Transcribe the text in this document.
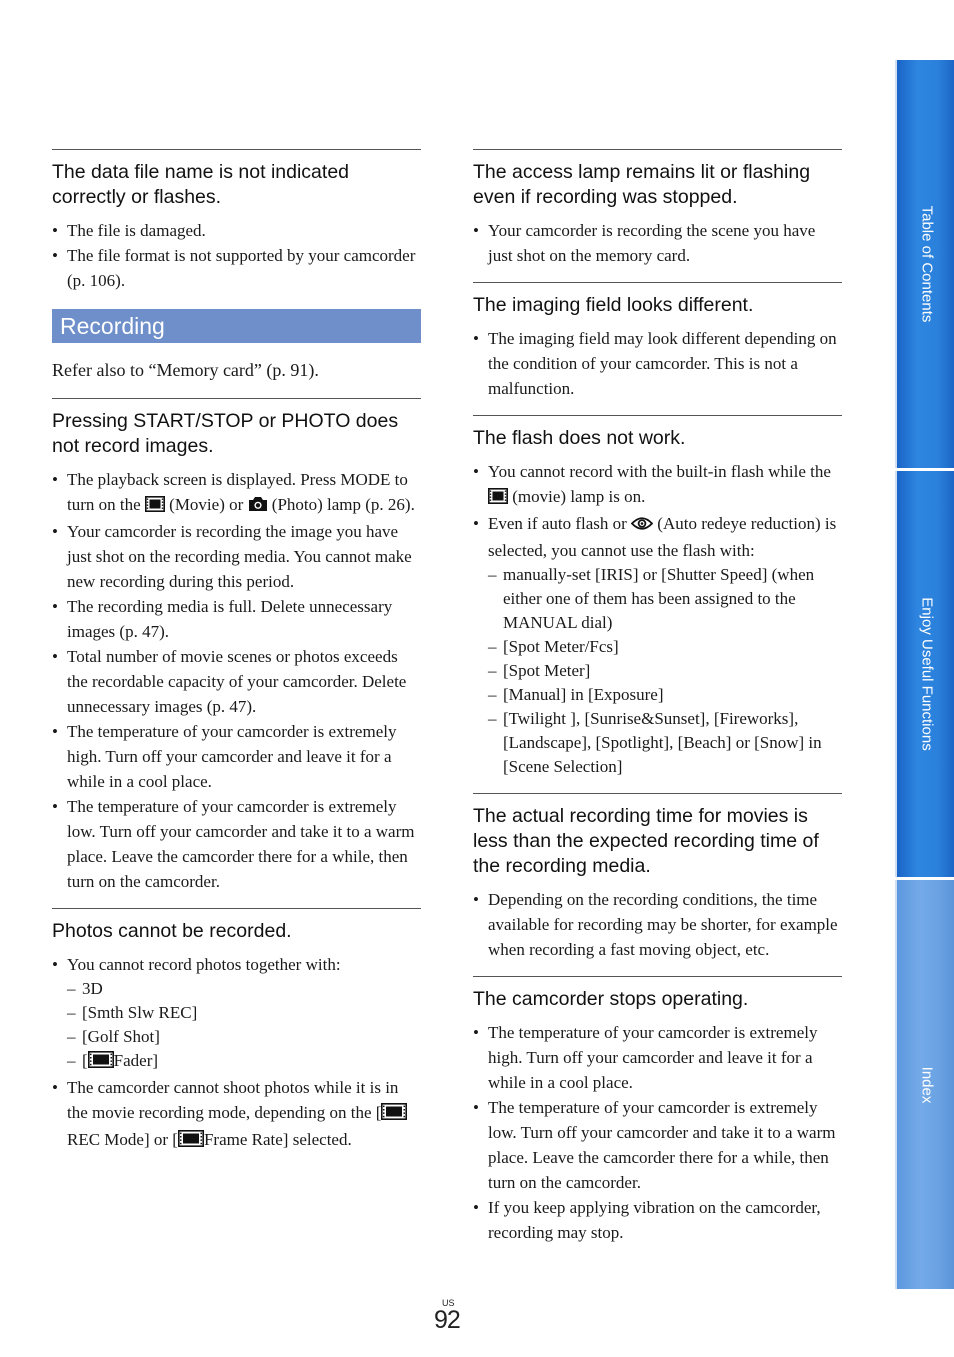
The data file name is not indicated correctly or flashes.
• The file is damaged.
• The file format is not supported by your camcorder (p. 106).
Recording

Refer also to “Memory card” (p. 91).

Pressing START/STOP or PHOTO does not record images.
• The playback screen is displayed. Press MODE to turn on the  (Movie) or  (Photo) lamp (p. 26).
• Your camcorder is recording the image you have just shot on the recording media. You cannot make new recording during this period.
• The recording media is full. Delete unnecessary images (p. 47).
• Total number of movie scenes or photos exceeds the recordable capacity of your camcorder. Delete unnecessary images (p. 47).
• The temperature of your camcorder is extremely high. Turn off your camcorder and leave it for a while in a cool place.
• The temperature of your camcorder is extremely low. Turn off your camcorder and take it to a warm place. Leave the camcorder there for a while, then turn on the camcorder.
Photos cannot be recorded.
• You cannot record photos together with:
– 3D
– [Smth Slw REC]
– [Golf Shot]
– [ Fader]
• The camcorder cannot shoot photos while it is in the movie recording mode, depending on the [REC Mode] or [ Frame Rate] selected.
The access lamp remains lit or flashing even if recording was stopped.
• Your camcorder is recording the scene you have just shot on the memory card.
The imaging field looks different.
• The imaging field may look different depending on the condition of your camcorder. This is not a malfunction.
The flash does not work.
• You cannot record with the built-in flash while the  (movie) lamp is on.
• Even if auto flash or  (Auto redeye reduction) is selected, you cannot use the flash with:
– manually-set [IRIS] or [Shutter Speed] (when either one of them has been assigned to the MANUAL dial)
– [Spot Meter/Fcs]
– [Spot Meter]
– [Manual] in [Exposure]
– [Twilight ], [Sunrise&Sunset], [Fireworks], [Landscape], [Spotlight], [Beach] or [Snow] in [Scene Selection]
The actual recording time for movies is less than the expected recording time of the recording media.
• Depending on the recording conditions, the time available for recording may be shorter, for example when recording a fast moving object, etc.
The camcorder stops operating.
• The temperature of your camcorder is extremely high. Turn off your camcorder and leave it for a while in a cool place.
• The temperature of your camcorder is extremely low. Turn off your camcorder and take it to a warm place. Leave the camcorder there for a while, then turn on the camcorder.
• If you keep applying vibration on the camcorder, recording may stop.
Table of Contents
Enjoy Useful Functions
Index
US
92
